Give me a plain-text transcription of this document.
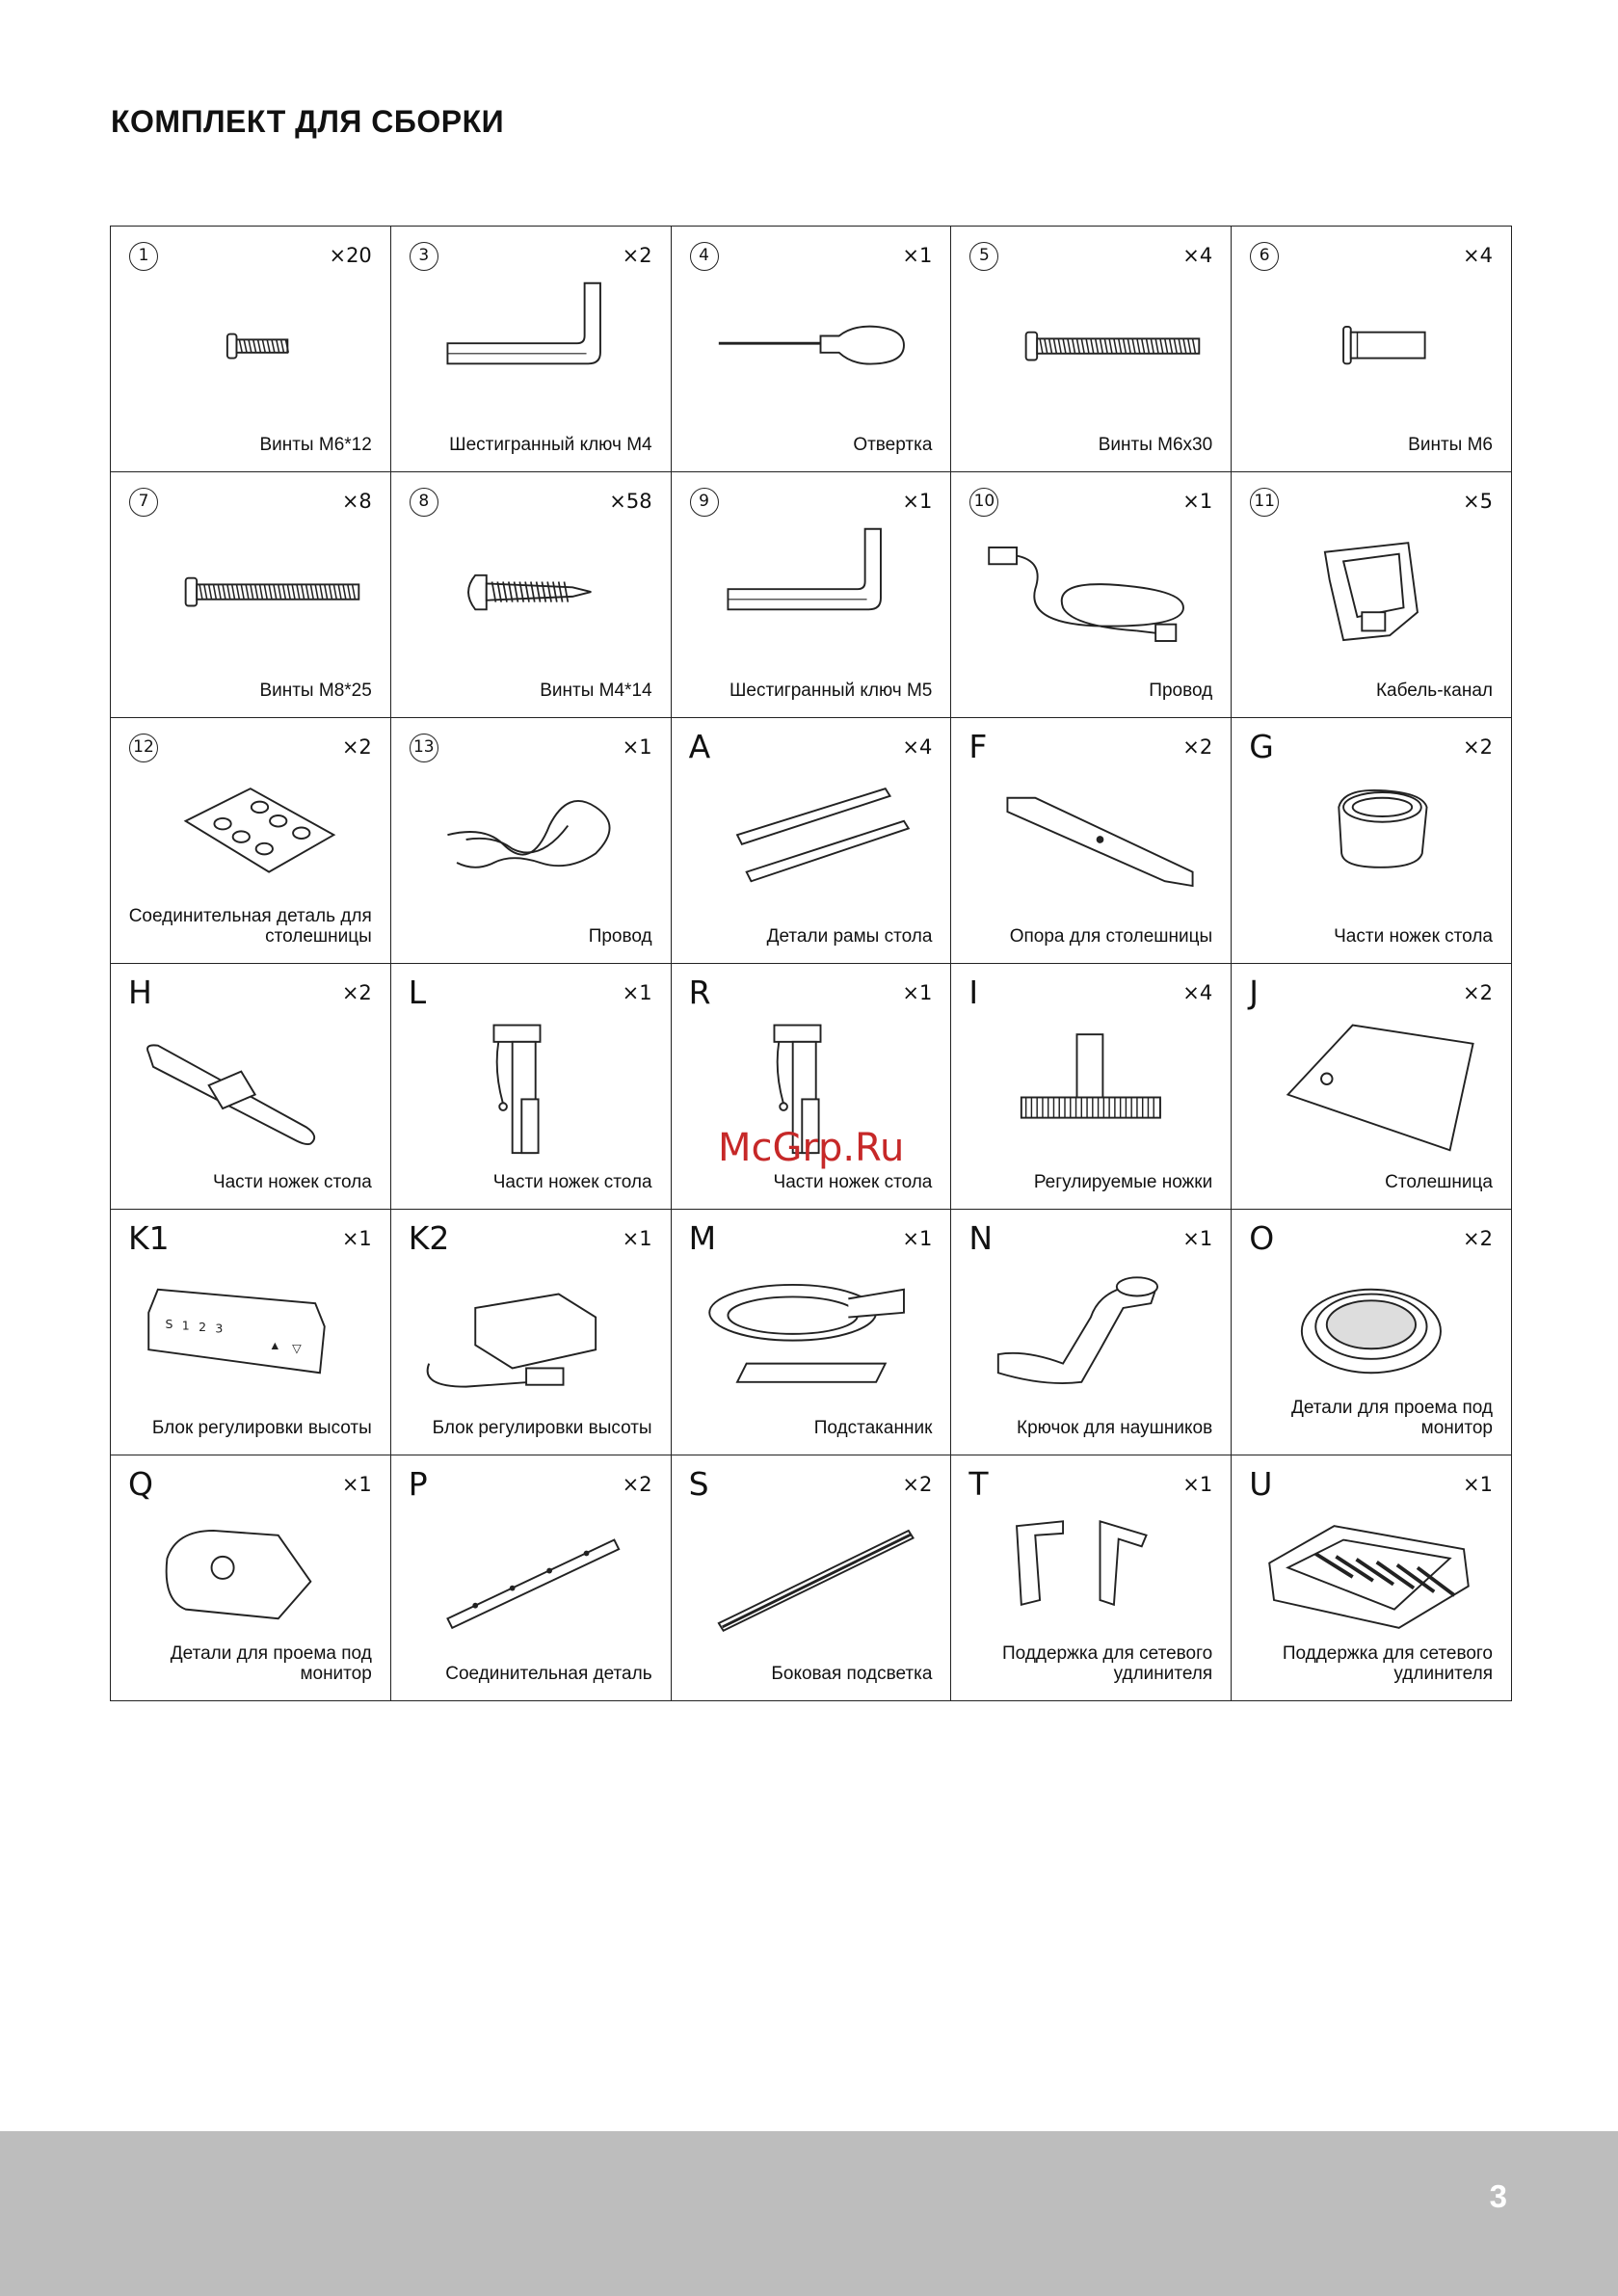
КОМПЛЕКТ ДЛЯ СБОРКИ
1	×20
Винты М6*12
3	×2
Шестигранный ключ М4
4	×1
Отвертка
5	×4
Винты М6х30
6	×4
Винты М6
7	×8
Винты М8*25
8	×58
Винты М4*14
9	×1
Шестигранный ключ М5
10	×1
Провод
11	×5
Кабель-канал
12	×2
Соединительная деталь для столешницы
13	×1
Провод
A	×4
Детали рамы стола
F	×2
Опора для столешницы
G	×2
Части ножек стола
H	×2
Части ножек стола
L	×1
Части ножек стола
R	×1
Части ножек стола
I	×4
Регулируемые ножки
J	×2
Столешница
K1	×1
S 1 2 3
▲ ▽
Блок регулировки высоты
K2	×1
Блок регулировки высоты
M	×1
Подстаканник
N	×1
Крючок для наушников
O	×2
Детали для проема под монитор
Q	×1
Детали для проема под монитор
P	×2
Соединительная деталь
S	×2
Боковая подсветка
T	×1
Поддержка для сетевого удлинителя
U	×1
Поддержка для сетевого удлинителя
McGrp.Ru
3
